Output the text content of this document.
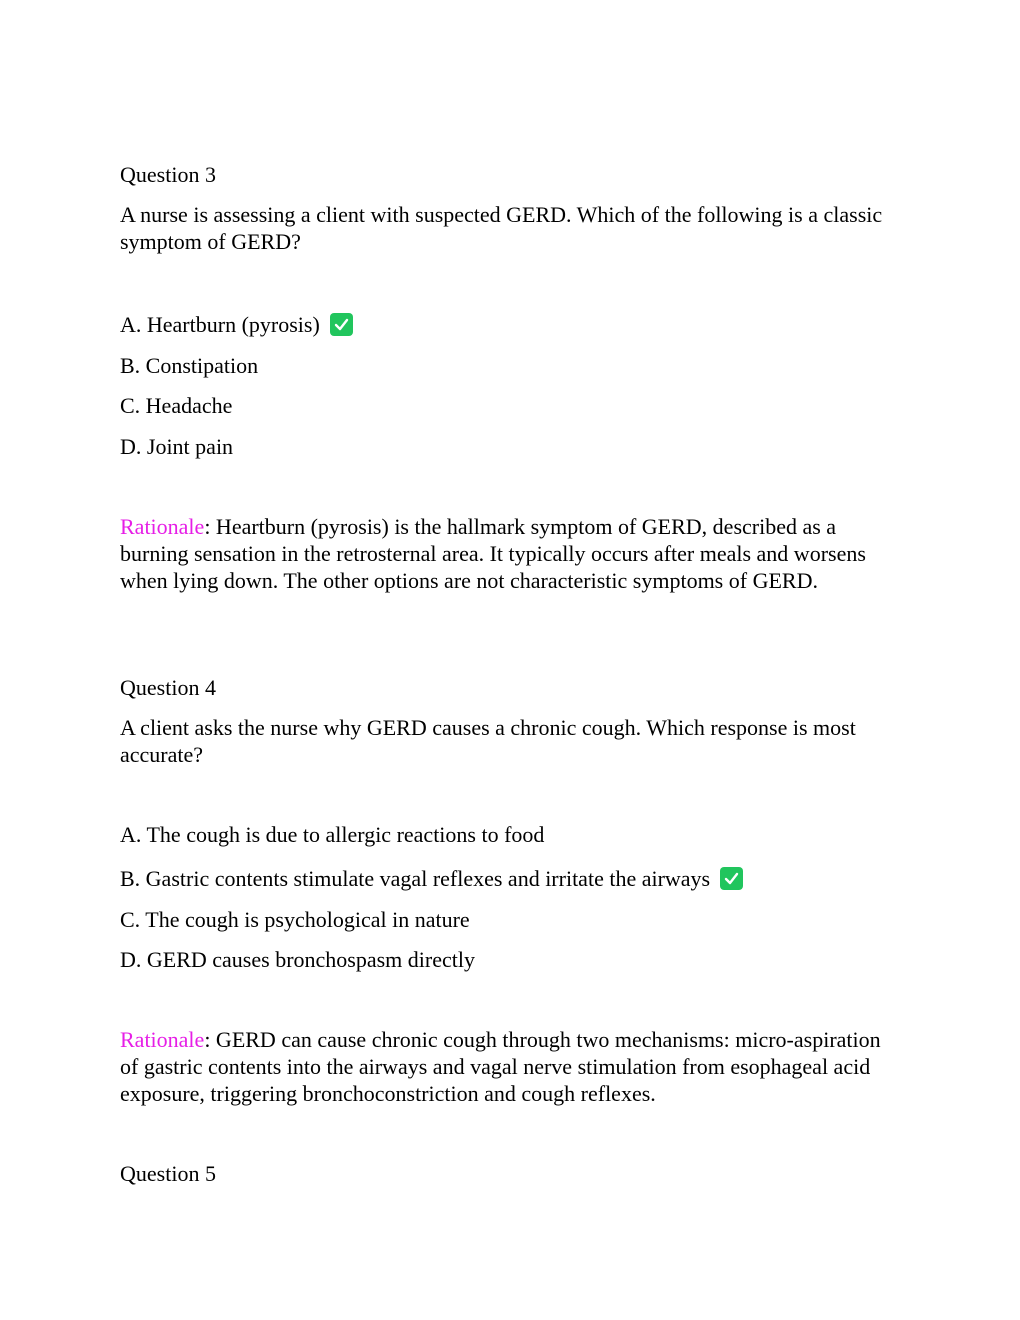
Question 3
A nurse is assessing a client with suspected GERD. Which of the following is a classic symptom of GERD?
A. Heartburn (pyrosis)
B. Constipation
C. Headache
D. Joint pain
Rationale: Heartburn (pyrosis) is the hallmark symptom of GERD, described as a burning sensation in the retrosternal area. It typically occurs after meals and worsens when lying down. The other options are not characteristic symptoms of GERD.
Question 4
A client asks the nurse why GERD causes a chronic cough. Which response is most accurate?
A. The cough is due to allergic reactions to food
B. Gastric contents stimulate vagal reflexes and irritate the airways
C. The cough is psychological in nature
D. GERD causes bronchospasm directly
Rationale: GERD can cause chronic cough through two mechanisms: micro-aspiration of gastric contents into the airways and vagal nerve stimulation from esophageal acid exposure, triggering bronchoconstriction and cough reflexes.
Question 5
